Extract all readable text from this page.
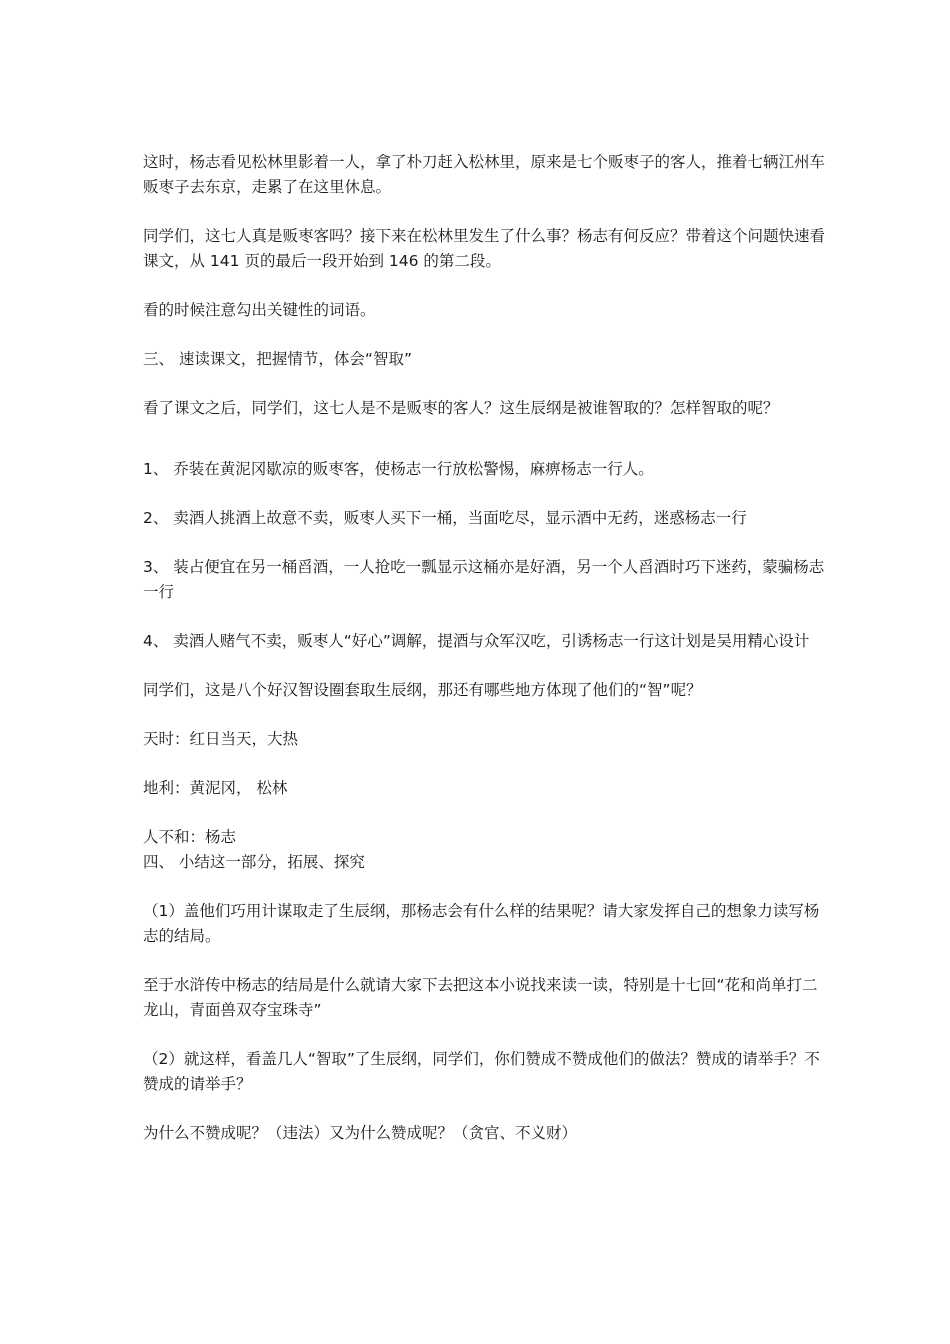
这时，杨志看见松林里影着一人，拿了朴刀赶入松林里，原来是七个贩枣子的客人，推着七辆江州车贩枣子去东京，走累了在这里休息。

同学们，这七人真是贩枣客吗？接下来在松林里发生了什么事？杨志有何反应？带着这个问题快速看课文，从 141 页的最后一段开始到 146 的第二段。

看的时候注意勾出关键性的词语。

三、 速读课文，把握情节，体会“智取”

看了课文之后，同学们，这七人是不是贩枣的客人？这生辰纲是被谁智取的？怎样智取的呢？

1、 乔装在黄泥冈歇凉的贩枣客，使杨志一行放松警惕，麻痹杨志一行人。

2、 卖酒人挑酒上故意不卖，贩枣人买下一桶，当面吃尽，显示酒中无药，迷惑杨志一行

3、 装占便宜在另一桶舀酒，一人抢吃一瓢显示这桶亦是好酒，另一个人舀酒时巧下迷药，蒙骗杨志一行

4、 卖酒人赌气不卖，贩枣人“好心”调解，提酒与众军汉吃，引诱杨志一行这计划是吴用精心设计

同学们，这是八个好汉智设圈套取生辰纲，那还有哪些地方体现了他们的“智”呢？

天时：红日当天，大热

地利：黄泥冈， 松林

人不和：杨志

四、 小结这一部分，拓展、探究

（1）盖他们巧用计谋取走了生辰纲，那杨志会有什么样的结果呢？请大家发挥自己的想象力读写杨志的结局。

至于水浒传中杨志的结局是什么就请大家下去把这本小说找来读一读，特别是十七回“花和尚单打二龙山，青面兽双夺宝珠寺”

（2）就这样，看盖几人“智取”了生辰纲，同学们，你们赞成不赞成他们的做法？赞成的请举手？不赞成的请举手？

为什么不赞成呢？（违法）又为什么赞成呢？（贪官、不义财）
